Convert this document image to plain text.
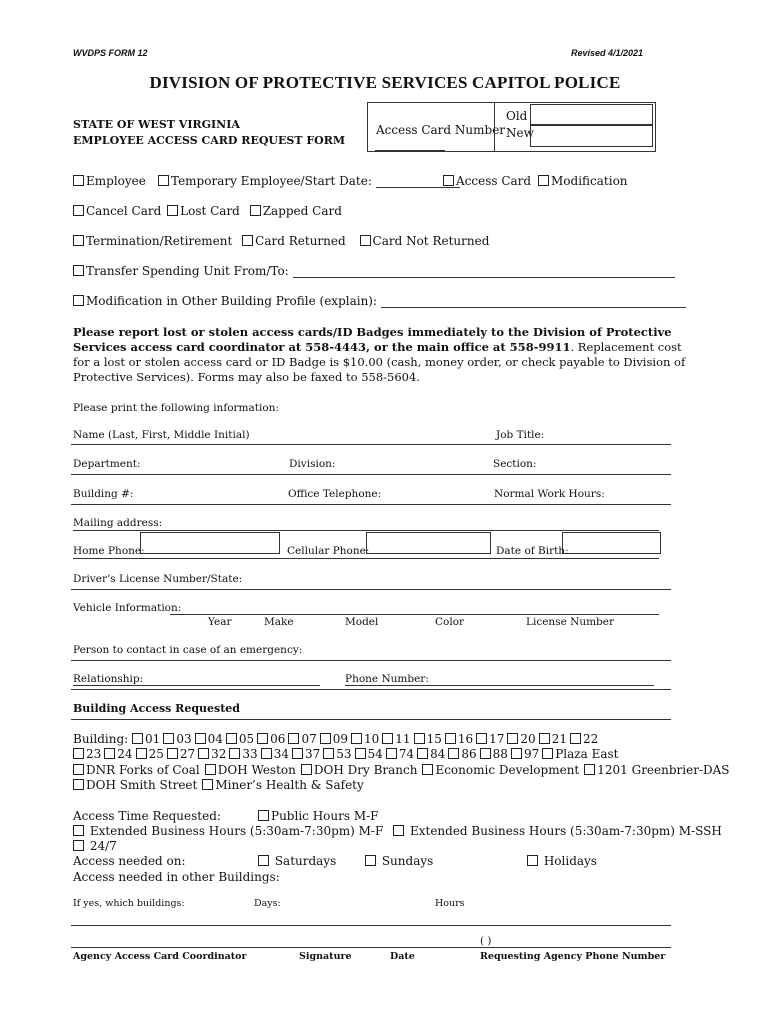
WVDPS FORM 12	Revised 4/1/2021
DIVISION OF PROTECTIVE SERVICES CAPITOL POLICE
STATE OF WEST VIRGINIA
EMPLOYEE ACCESS CARD REQUEST FORM
Access Card Number
Old
New
Employee	Temporary Employee/Start Date:	Access Card	Modification
Cancel Card Lost Card Zapped Card
Termination/Retirement Card Returned Card Not Returned
Transfer Spending Unit From/To:
Modification in Other Building Profile (explain):
Please report lost or stolen access cards/ID Badges immediately to the Division of Protective Services access card coordinator at 558-4443, or the main office at 558-9911. Replacement cost for a lost or stolen access card or ID Badge is $10.00 (cash, money order, or check payable to Division of Protective Services). Forms may also be faxed to 558-5604.
Please print the following information:
Name (Last, First, Middle Initial)	Job Title:
Department:	Division:	Section:
Building #:	Office Telephone:	Normal Work Hours:
Mailing address:
Home Phone:	Cellular Phone:	Date of Birth:
Driver’s License Number/State:
Vehicle Information:
Year	Make	Model	Color	License Number
Person to contact in case of an emergency:
Relationship:	Phone Number:
Building Access Requested
Building: 01 03 04 05 06 07 09 10 11 15 16 17 20 21 22
23 24 25 27 32 33 34 37 53 54 74 84 86 88 97 Plaza East
DNR Forks of Coal DOH Weston DOH Dry Branch Economic Development 1201 Greenbrier-DAS
DOH Smith Street Miner’s Health & Safety
Access Time Requested:	Public Hours M-F
Extended Business Hours (5:30am-7:30pm) M-F Extended Business Hours (5:30am-7:30pm) M-SSH
24/7
Access needed on:	Saturdays	Sundays	Holidays
Access needed in other Buildings:
If yes, which buildings:	Days:	Hours
( )
Agency Access Card Coordinator	Signature	Date	Requesting Agency Phone Number
